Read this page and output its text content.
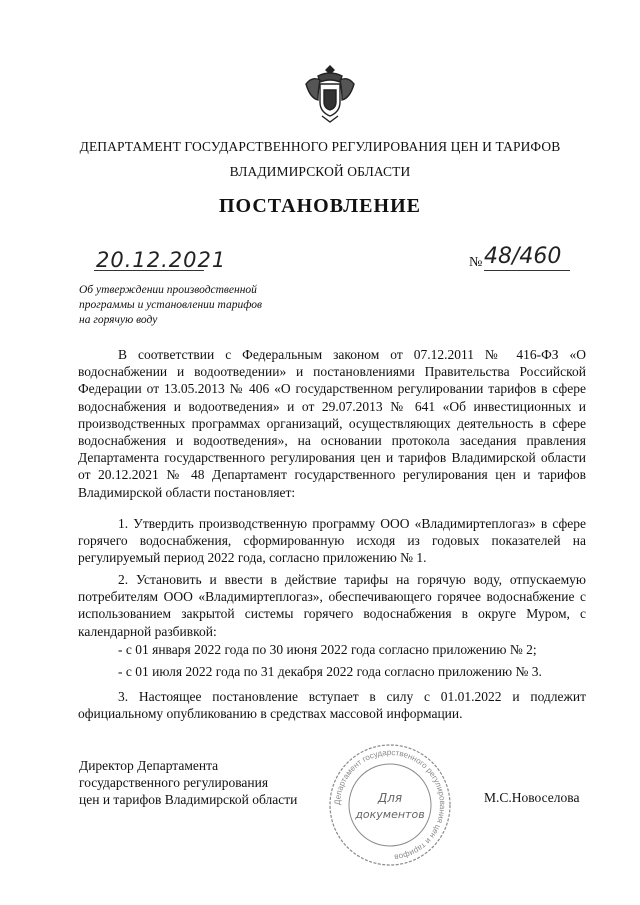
ДЕПАРТАМЕНТ ГОСУДАРСТВЕННОГО РЕГУЛИРОВАНИЯ ЦЕН И ТАРИФОВ
ВЛАДИМИРСКОЙ ОБЛАСТИ
ПОСТАНОВЛЕНИЕ
20.12.2021	№ 48/460
Об утверждении производственной
программы и установлении тарифов
на горячую воду

В соответствии с Федеральным законом от 07.12.2011 № 416-ФЗ «О водоснабжении и водоотведении» и постановлениями Правительства Российской Федерации от 13.05.2013 № 406 «О государственном регулировании тарифов в сфере водоснабжения и водоотведения» и от 29.07.2013 № 641 «Об инвестиционных и производственных программах организаций, осуществляющих деятельность в сфере водоснабжения и водоотведения», на основании протокола заседания правления Департамента государственного регулирования цен и тарифов Владимирской области от 20.12.2021 № 48 Департамент государственного регулирования цен и тарифов Владимирской области постановляет:

1. Утвердить производственную программу ООО «Владимиртеплогаз» в сфере горячего водоснабжения, сформированную исходя из годовых показателей на регулируемый период 2022 года, согласно приложению № 1.

2. Установить и ввести в действие тарифы на горячую воду, отпускаемую потребителям ООО «Владимиртеплогаз», обеспечивающего горячее водоснабжение с использованием закрытой системы горячего водоснабжения в округе Муром, с календарной разбивкой:

- с 01 января 2022 года по 30 июня 2022 года согласно приложению № 2;

- с 01 июля 2022 года по 31 декабря 2022 года согласно приложению № 3.

3. Настоящее постановление вступает в силу с 01.01.2022 и подлежит официальному опубликованию в средствах массовой информации.

Директор Департамента
государственного регулирования
цен и тарифов Владимирской области	Департамент государственного регулирования цен и тарифов
Для
документов
М.С.Новоселова
